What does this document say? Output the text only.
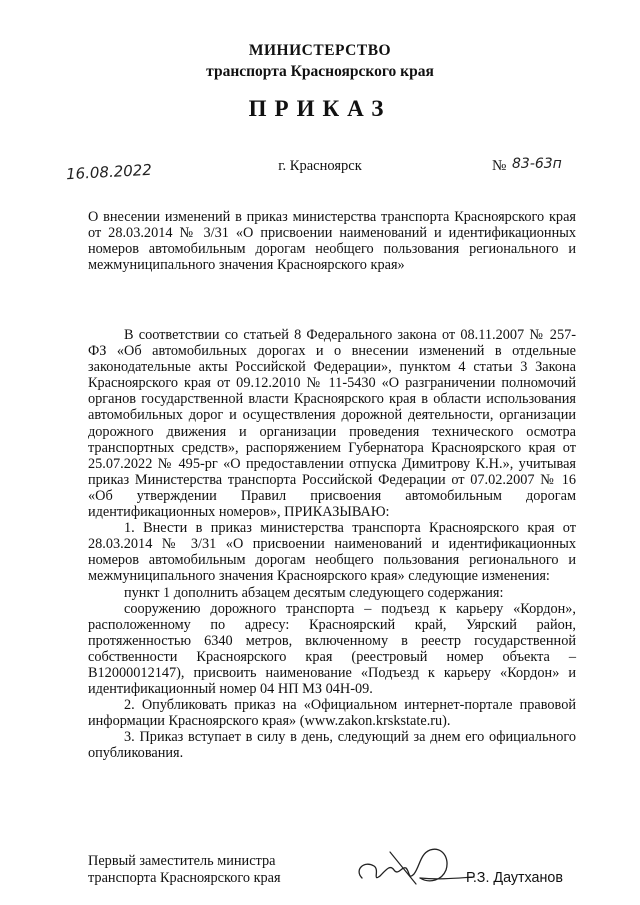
МИНИСТЕРСТВО
транспорта Красноярского края
ПРИКАЗ
16.08.2022	г. Красноярск	№ 83-63п

О внесении изменений в приказ министерства транспорта Красноярского края от 28.03.2014 № 3/31 «О присвоении наименований и идентификационных номеров автомобильным дорогам необщего пользования регионального и межмуниципального значения Красноярского края»

В соответствии со статьей 8 Федерального закона от 08.11.2007 № 257-ФЗ «Об автомобильных дорогах и о внесении изменений в отдельные законодательные акты Российской Федерации», пунктом 4 статьи 3 Закона Красноярского края от 09.12.2010 № 11-5430 «О разграничении полномочий органов государственной власти Красноярского края в области использования автомобильных дорог и осуществления дорожной деятельности, организации дорожного движения и организации проведения технического осмотра транспортных средств», распоряжением Губернатора Красноярского края от 25.07.2022 № 495-рг «О предоставлении отпуска Димитрову К.Н.», учитывая приказ Министерства транспорта Российской Федерации от 07.02.2007 № 16 «Об утверждении Правил присвоения автомобильным дорогам идентификационных номеров», ПРИКАЗЫВАЮ:

1. Внести в приказ министерства транспорта Красноярского края от 28.03.2014 № 3/31 «О присвоении наименований и идентификационных номеров автомобильным дорогам необщего пользования регионального и межмуниципального значения Красноярского края» следующие изменения:

пункт 1 дополнить абзацем десятым следующего содержания:

сооружению дорожного транспорта – подъезд к карьеру «Кордон», расположенному по адресу: Красноярский край, Уярский район, протяженностью 6340 метров, включенному в реестр государственной собственности Красноярского края (реестровый номер объекта – В12000012147), присвоить наименование «Подъезд к карьеру «Кордон» и идентификационный номер 04 НП МЗ 04Н-09.

2. Опубликовать приказ на «Официальном интернет-портале правовой информации Красноярского края» (www.zakon.krskstate.ru).

3. Приказ вступает в силу в день, следующий за днем его официального опубликования.

Первый заместитель министра
транспорта Красноярского края	Р.З. Даутханов
